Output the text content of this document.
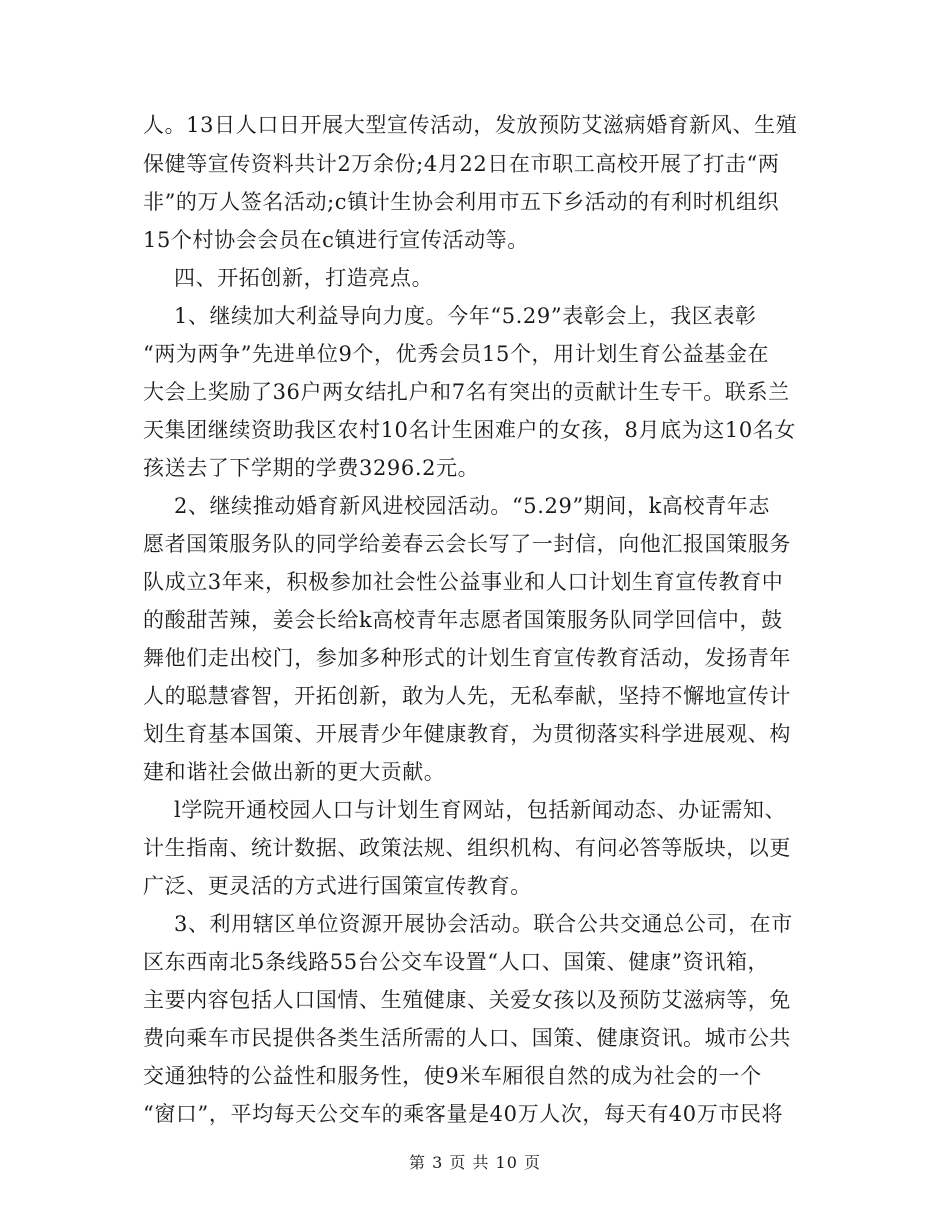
人。13日人口日开展大型宣传活动，发放预防艾滋病婚育新风、生殖
保健等宣传资料共计2万余份;4月22日在市职工高校开展了打击“两
非”的万人签名活动;c镇计生协会利用市五下乡活动的有利时机组织
15个村协会会员在c镇进行宣传活动等。
四、开拓创新，打造亮点。
1、继续加大利益导向力度。今年“5.29”表彰会上，我区表彰
“两为两争”先进单位9个，优秀会员15个，用计划生育公益基金在
大会上奖励了36户两女结扎户和7名有突出的贡献计生专干。联系兰
天集团继续资助我区农村10名计生困难户的女孩，8月底为这10名女
孩送去了下学期的学费3296.2元。
2、继续推动婚育新风进校园活动。“5.29”期间，k高校青年志
愿者国策服务队的同学给姜春云会长写了一封信，向他汇报国策服务
队成立3年来，积极参加社会性公益事业和人口计划生育宣传教育中
的酸甜苦辣，姜会长给k高校青年志愿者国策服务队同学回信中，鼓
舞他们走出校门，参加多种形式的计划生育宣传教育活动，发扬青年
人的聪慧睿智，开拓创新，敢为人先，无私奉献，坚持不懈地宣传计
划生育基本国策、开展青少年健康教育，为贯彻落实科学进展观、构
建和谐社会做出新的更大贡献。
l学院开通校园人口与计划生育网站，包括新闻动态、办证需知、
计生指南、统计数据、政策法规、组织机构、有问必答等版块，以更
广泛、更灵活的方式进行国策宣传教育。
3、利用辖区单位资源开展协会活动。联合公共交通总公司，在市
区东西南北5条线路55台公交车设置“人口、国策、健康”资讯箱，
主要内容包括人口国情、生殖健康、关爱女孩以及预防艾滋病等，免
费向乘车市民提供各类生活所需的人口、国策、健康资讯。城市公共
交通独特的公益性和服务性，使9米车厢很自然的成为社会的一个
“窗口”，平均每天公交车的乘客量是40万人次，每天有40万市民将
第 3 页 共 10 页
